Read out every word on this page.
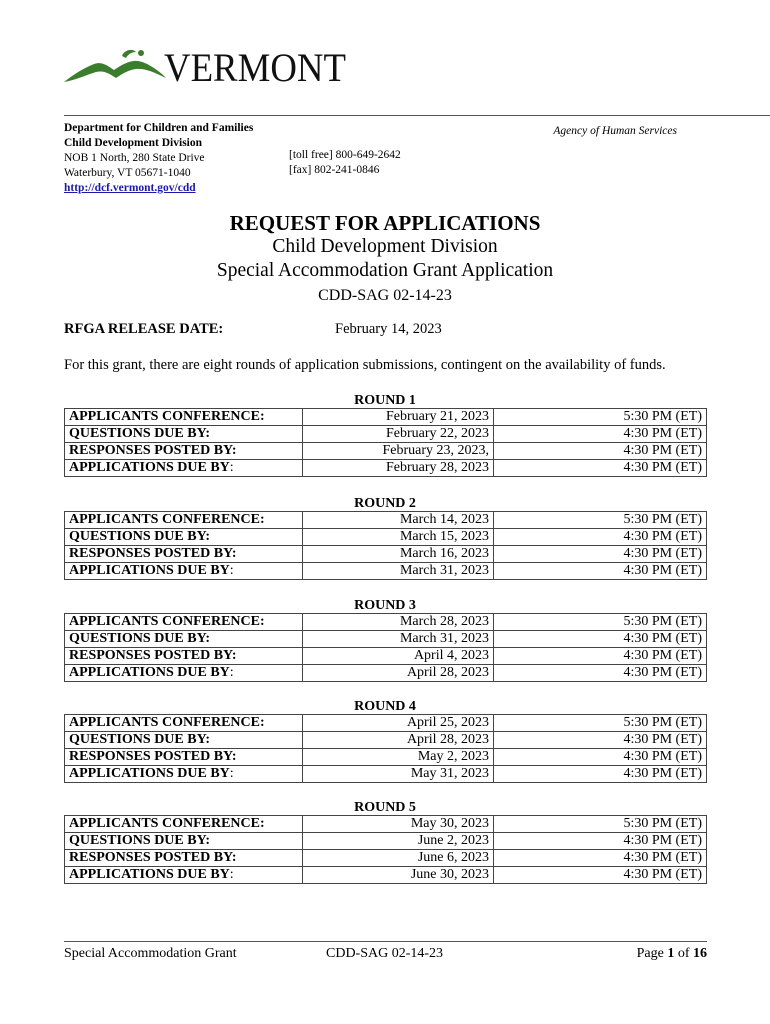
VERMONT
Department for Children and Families
Child Development Division
NOB 1 North, 280 State Drive
Waterbury, VT 05671-1040
http://dcf.vermont.gov/cdd
[toll free] 800-649-2642
[fax] 802-241-0846
Agency of Human Services
REQUEST FOR APPLICATIONS
Child Development Division
Special Accommodation Grant Application
CDD-SAG 02-14-23
RFGA RELEASE DATE:	February 14, 2023
For this grant, there are eight rounds of application submissions, contingent on the availability of funds.
ROUND 1
APPLICANTS CONFERENCE:	February 21, 2023	5:30 PM (ET)
QUESTIONS DUE BY:	February 22, 2023	4:30 PM (ET)
RESPONSES POSTED BY:	February 23, 2023,	4:30 PM (ET)
APPLICATIONS DUE BY:	February 28, 2023	4:30 PM (ET)
ROUND 2
APPLICANTS CONFERENCE:	March 14, 2023	5:30 PM (ET)
QUESTIONS DUE BY:	March 15, 2023	4:30 PM (ET)
RESPONSES POSTED BY:	March 16, 2023	4:30 PM (ET)
APPLICATIONS DUE BY:	March 31, 2023	4:30 PM (ET)
ROUND 3
APPLICANTS CONFERENCE:	March 28, 2023	5:30 PM (ET)
QUESTIONS DUE BY:	March 31, 2023	4:30 PM (ET)
RESPONSES POSTED BY:	April 4, 2023	4:30 PM (ET)
APPLICATIONS DUE BY:	April 28, 2023	4:30 PM (ET)
ROUND 4
APPLICANTS CONFERENCE:	April 25, 2023	5:30 PM (ET)
QUESTIONS DUE BY:	April 28, 2023	4:30 PM (ET)
RESPONSES POSTED BY:	May 2, 2023	4:30 PM (ET)
APPLICATIONS DUE BY:	May 31, 2023	4:30 PM (ET)
ROUND 5
APPLICANTS CONFERENCE:	May 30, 2023	5:30 PM (ET)
QUESTIONS DUE BY:	June 2, 2023	4:30 PM (ET)
RESPONSES POSTED BY:	June 6, 2023	4:30 PM (ET)
APPLICATIONS DUE BY:	June 30, 2023	4:30 PM (ET)
Special Accommodation Grant	CDD-SAG 02-14-23	Page 1 of 16
